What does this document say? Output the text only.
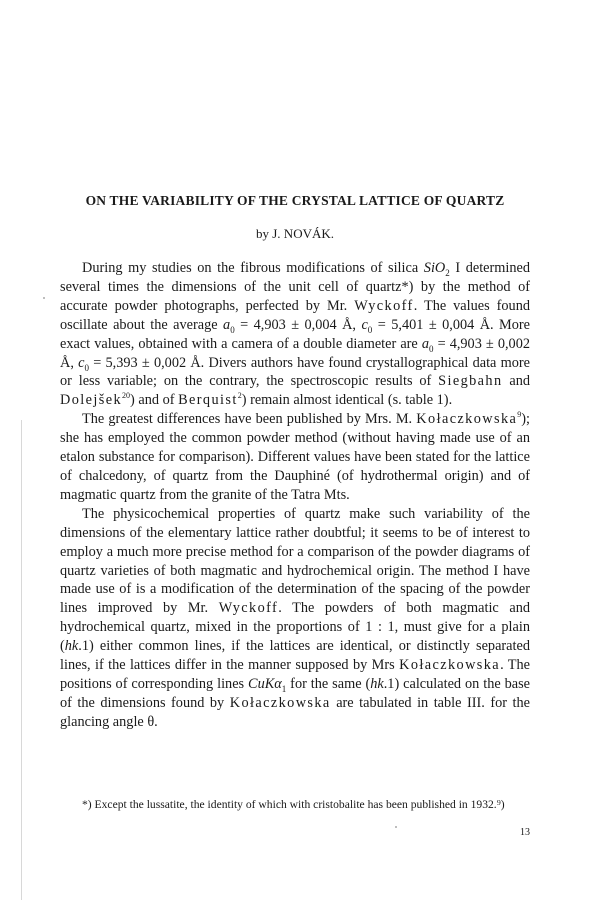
ON THE VARIABILITY OF THE CRYSTAL LATTICE OF QUARTZ
by J. NOVÁK.

During my studies on the fibrous modifications of silica SiO$_2$ I determined several times the dimensions of the unit cell of quartz*) by the method of accurate powder photographs, perfected by Mr. Wyckoff. The values found oscillate about the average $a_0 = 4,903 \pm 0,004$ Å, $c_0 = 5,401 \pm 0,004$ Å. More exact values, obtained with a camera of a double diameter are $a_0 = 4,903 \pm 0,002$ Å, $c_0 = 5,393 \pm 0,002$ Å. Divers authors have found crystallographical data more or less variable; on the contrary, the spectroscopic results of Siegbahn and Dolejšek$^{20}$) and of Berquist$^2$) remain almost identical (s. table 1).

The greatest differences have been published by Mrs. M. Kołaczkowska$^9$); she has employed the common powder method (without having made use of an etalon substance for comparison). Different values have been stated for the lattice of chalcedony, of quartz from the Dauphiné (of hydrothermal origin) and of magmatic quartz from the granite of the Tatra Mts.

The physicochemical properties of quartz make such variability of the dimensions of the elementary lattice rather doubtful; it seems to be of interest to employ a much more precise method for a comparison of the powder diagrams of quartz varieties of both magmatic and hydrochemical origin. The method I have made use of is a modification of the determination of the spacing of the powder lines improved by Mr. Wyckoff. The powders of both magmatic and hydrochemical quartz, mixed in the proportions of 1 : 1, must give for a plain (hk.1) either common lines, if the lattices are identical, or distinctly separated lines, if the lattices differ in the manner supposed by Mrs Kołaczkowska. The positions of corresponding lines CuKα$_1$ for the same (hk.1) calculated on the base of the dimensions found by Kołaczkowska are tabulated in table III. for the glancing angle θ.

*) Except the lussatite, the identity of which with cristobalite has been published in 1932.⁹)

13
